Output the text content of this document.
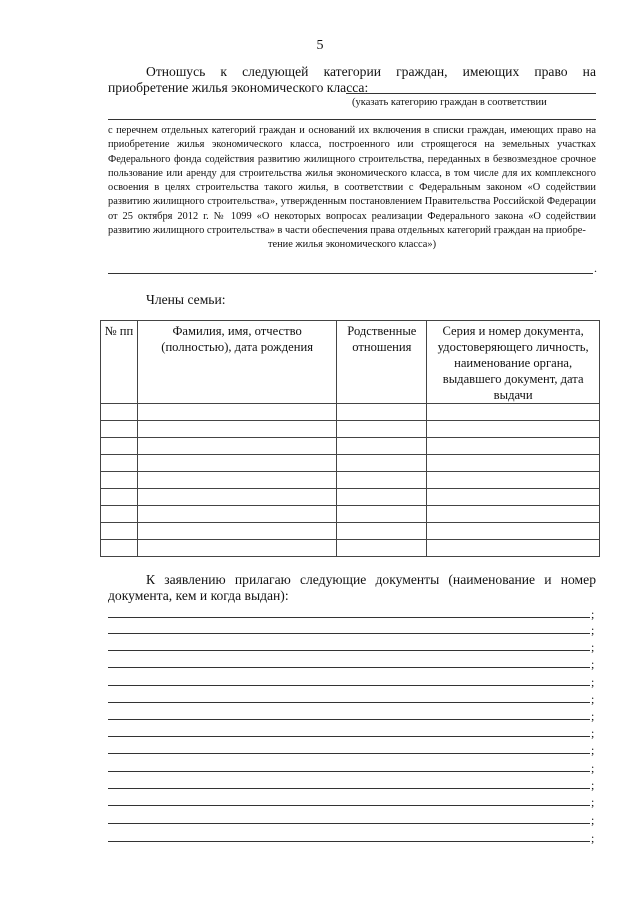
5
Отношусь к следующей категории граждан, имеющих право на приобретение жилья экономического класса:
(указать категорию граждан в соответствии
с перечнем отдельных категорий граждан и оснований их включения в списки граждан, имеющих право на приобретение жилья экономического класса, построенного или строящегося на земельных участках Федерального фонда содействия развитию жилищного строительства, переданных в безвозмездное срочное пользование или аренду для строительства жилья экономического класса, в том числе для их комплексного освоения в целях строительства такого жилья, в соответствии с Федеральным законом «О содействии развитию жилищного строительства», утвержденным постановлением Правительства Российской Федерации от 25 октября 2012 г. № 1099 «О некоторых вопросах реализации Федерального закона «О содействии развитию жилищного строительства» в части обеспечения права отдельных категорий граждан на приобре-
тение жилья экономического класса»)
.
Члены семьи:
№ пп	Фамилия, имя, отчество (полностью), дата рождения	Родственные отношения	Серия и номер документа, удостоверяющего личность, наименование органа, выдавшего документ, дата выдачи

К заявлению прилагаю следующие документы (наименование и номер документа, кем и когда выдан):
;
;
;
;
;
;
;
;
;
;
;
;
;
;
